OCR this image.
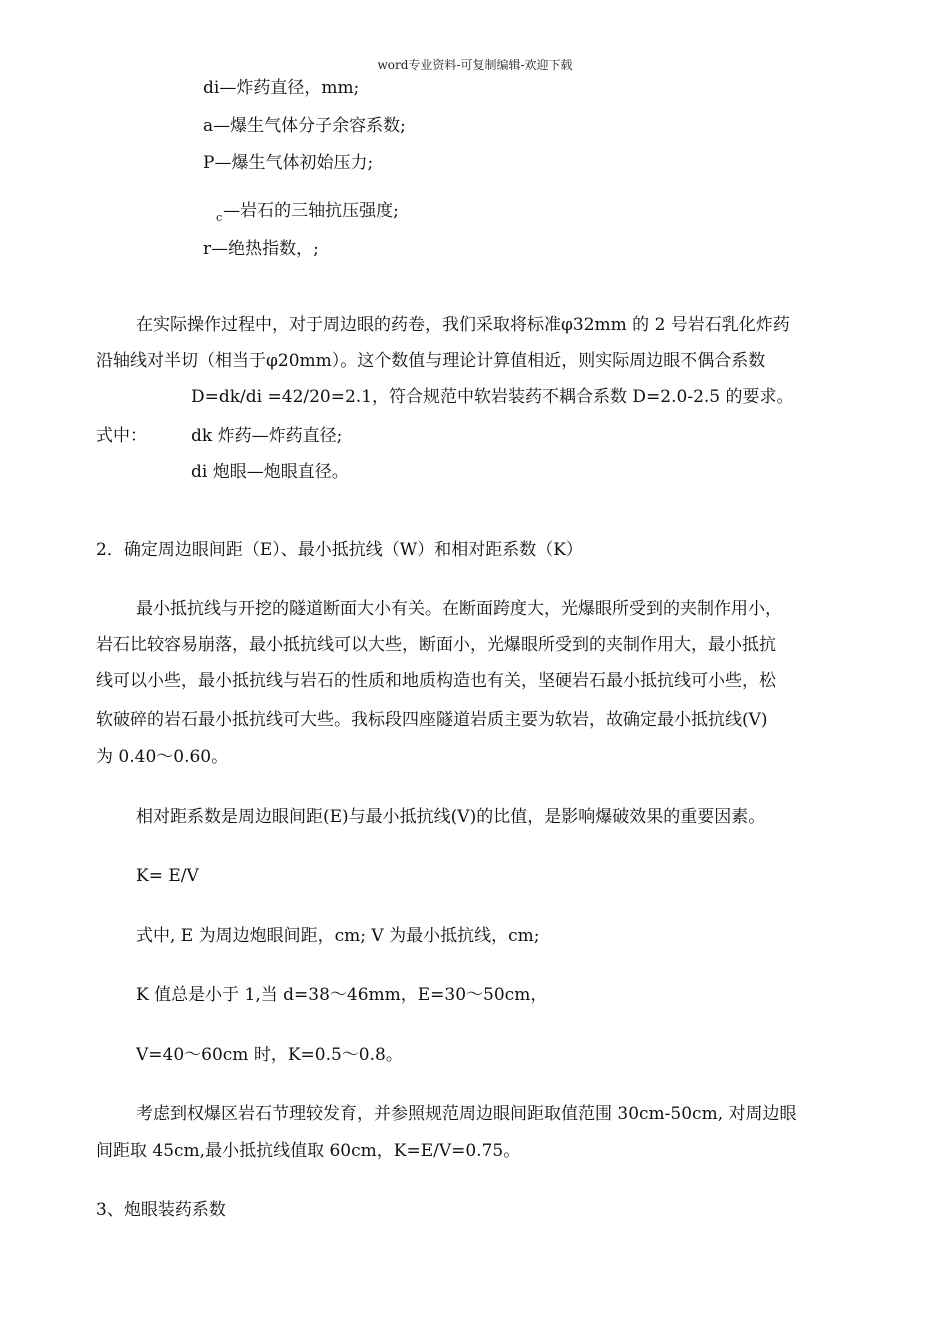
word专业资料-可复制编辑-欢迎下载
di—炸药直径，mm;
a—爆生气体分子余容系数;
P—爆生气体初始压力;
$_c$—岩石的三轴抗压强度;
r—绝热指数，;
在实际操作过程中，对于周边眼的药卷，我们采取将标准φ32mm 的 2 号岩石乳化炸药
沿轴线对半切（相当于φ20mm）。这个数值与理论计算值相近，则实际周边眼不偶合系数
D=dk/di =42/20=2.1，符合规范中软岩装药不耦合系数 D=2.0-2.5 的要求。
式中：	dk 炸药—炸药直径;
di 炮眼—炮眼直径。
2．确定周边眼间距（E）、最小抵抗线（W）和相对距系数（K）
最小抵抗线与开挖的隧道断面大小有关。在断面跨度大，光爆眼所受到的夹制作用小，
岩石比较容易崩落，最小抵抗线可以大些，断面小，光爆眼所受到的夹制作用大，最小抵抗
线可以小些，最小抵抗线与岩石的性质和地质构造也有关，坚硬岩石最小抵抗线可小些，松
软破碎的岩石最小抵抗线可大些。我标段四座隧道岩质主要为软岩，故确定最小抵抗线(V)
为 0.40～0.60。
相对距系数是周边眼间距(E)与最小抵抗线(V)的比值，是影响爆破效果的重要因素。
K= E/V
式中, E 为周边炮眼间距，cm; V 为最小抵抗线，cm;
K 值总是小于 1,当 d=38～46mm，E=30～50cm，
V=40～60cm 时，K=0.5～0.8。
考虑到权爆区岩石节理较发育，并参照规范周边眼间距取值范围 30cm-50cm, 对周边眼
间距取 45cm,最小抵抗线值取 60cm，K=E/V=0.75。
3、炮眼装药系数
